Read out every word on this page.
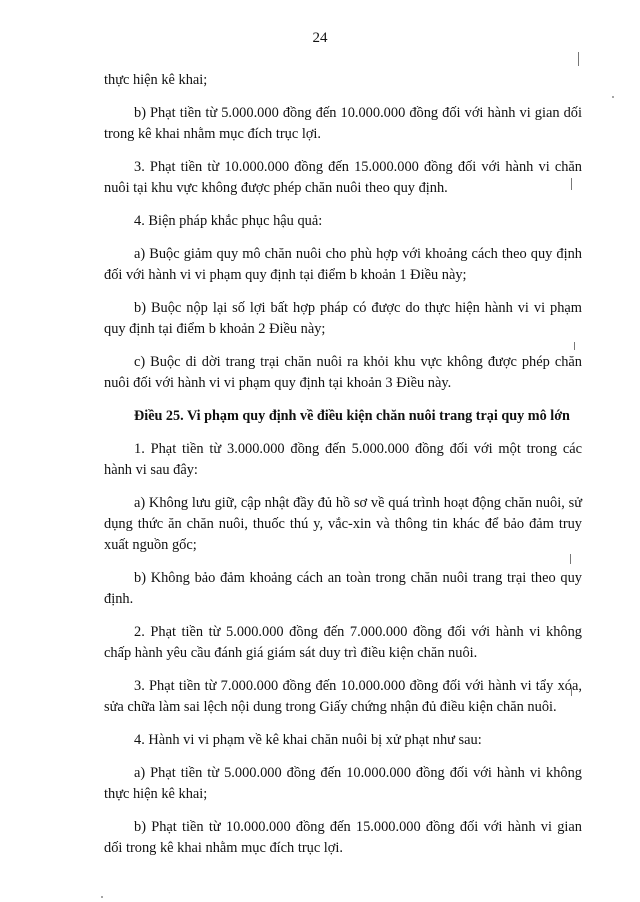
24

thực hiện kê khai;

b) Phạt tiền từ 5.000.000 đồng đến 10.000.000 đồng đối với hành vi gian dối trong kê khai nhằm mục đích trục lợi.

3. Phạt tiền từ 10.000.000 đồng đến 15.000.000 đồng đối với hành vi chăn nuôi tại khu vực không được phép chăn nuôi theo quy định.

4. Biện pháp khắc phục hậu quả:

a) Buộc giảm quy mô chăn nuôi cho phù hợp với khoảng cách theo quy định đối với hành vi vi phạm quy định tại điểm b khoản 1 Điều này;

b) Buộc nộp lại số lợi bất hợp pháp có được do thực hiện hành vi vi phạm quy định tại điểm b khoản 2 Điều này;

c) Buộc di dời trang trại chăn nuôi ra khỏi khu vực không được phép chăn nuôi đối với hành vi vi phạm quy định tại khoản 3 Điều này.

Điều 25. Vi phạm quy định về điều kiện chăn nuôi trang trại quy mô lớn

1. Phạt tiền từ 3.000.000 đồng đến 5.000.000 đồng đối với một trong các hành vi sau đây:

a) Không lưu giữ, cập nhật đầy đủ hồ sơ về quá trình hoạt động chăn nuôi, sử dụng thức ăn chăn nuôi, thuốc thú y, vắc-xin và thông tin khác để bảo đảm truy xuất nguồn gốc;

b) Không bảo đảm khoảng cách an toàn trong chăn nuôi trang trại theo quy định.

2. Phạt tiền từ 5.000.000 đồng đến 7.000.000 đồng đối với hành vi không chấp hành yêu cầu đánh giá giám sát duy trì điều kiện chăn nuôi.

3. Phạt tiền từ 7.000.000 đồng đến 10.000.000 đồng đối với hành vi tẩy xóa, sửa chữa làm sai lệch nội dung trong Giấy chứng nhận đủ điều kiện chăn nuôi.

4. Hành vi vi phạm về kê khai chăn nuôi bị xử phạt như sau:

a) Phạt tiền từ 5.000.000 đồng đến 10.000.000 đồng đối với hành vi không thực hiện kê khai;

b) Phạt tiền từ 10.000.000 đồng đến 15.000.000 đồng đối với hành vi gian dối trong kê khai nhằm mục đích trục lợi.
